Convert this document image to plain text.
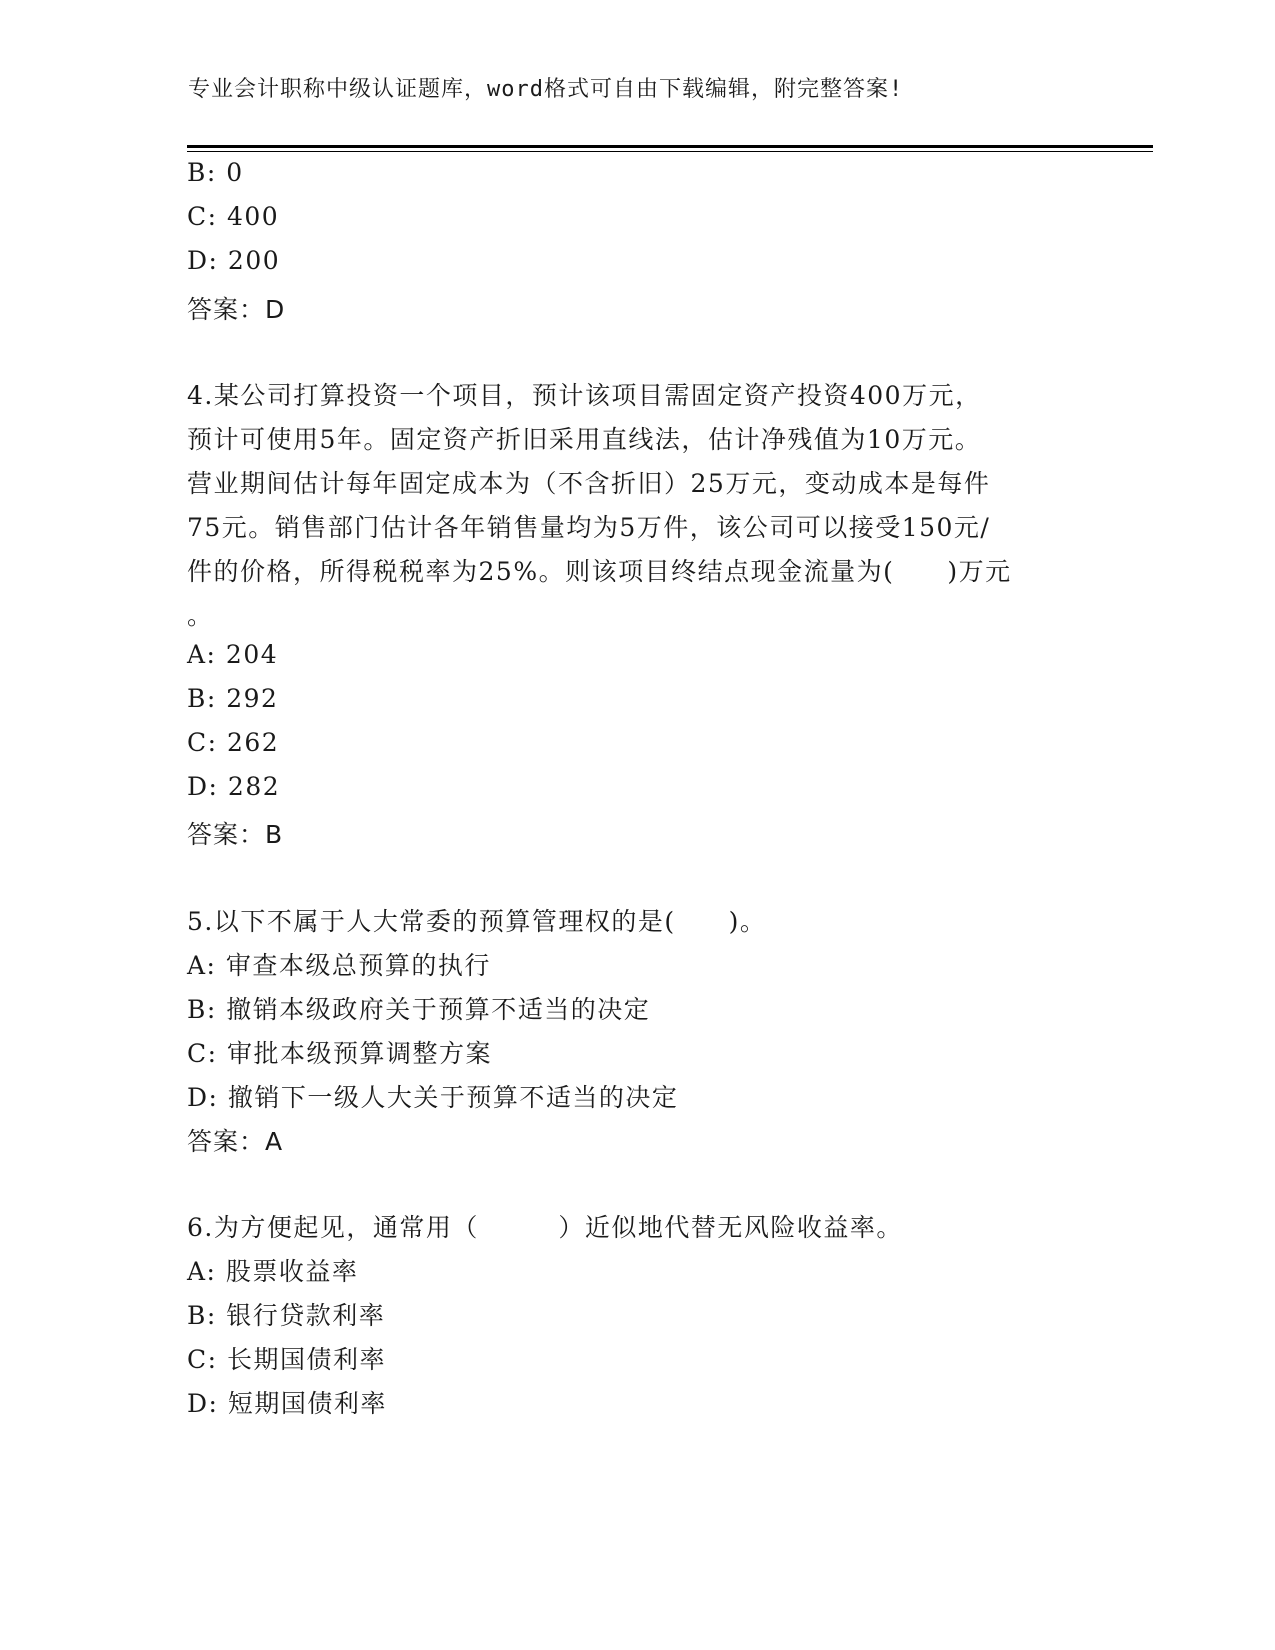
专业会计职称中级认证题库，word格式可自由下载编辑，附完整答案!
B: 0
C: 400
D: 200
答案：D
4.某公司打算投资一个项目，预计该项目需固定资产投资400万元，
预计可使用5年。固定资产折旧采用直线法，估计净残值为10万元。
营业期间估计每年固定成本为（不含折旧）25万元，变动成本是每件
75元。销售部门估计各年销售量均为5万件，该公司可以接受150元/
件的价格，所得税税率为25%。则该项目终结点现金流量为(　　)万元
。
A: 204
B: 292
C: 262
D: 282
答案：B
5.以下不属于人大常委的预算管理权的是(　　)。
A: 审查本级总预算的执行
B: 撤销本级政府关于预算不适当的决定
C: 审批本级预算调整方案
D: 撤销下一级人大关于预算不适当的决定
答案：A
6.为方便起见，通常用（　　　）近似地代替无风险收益率。
A: 股票收益率
B: 银行贷款利率
C: 长期国债利率
D: 短期国债利率
